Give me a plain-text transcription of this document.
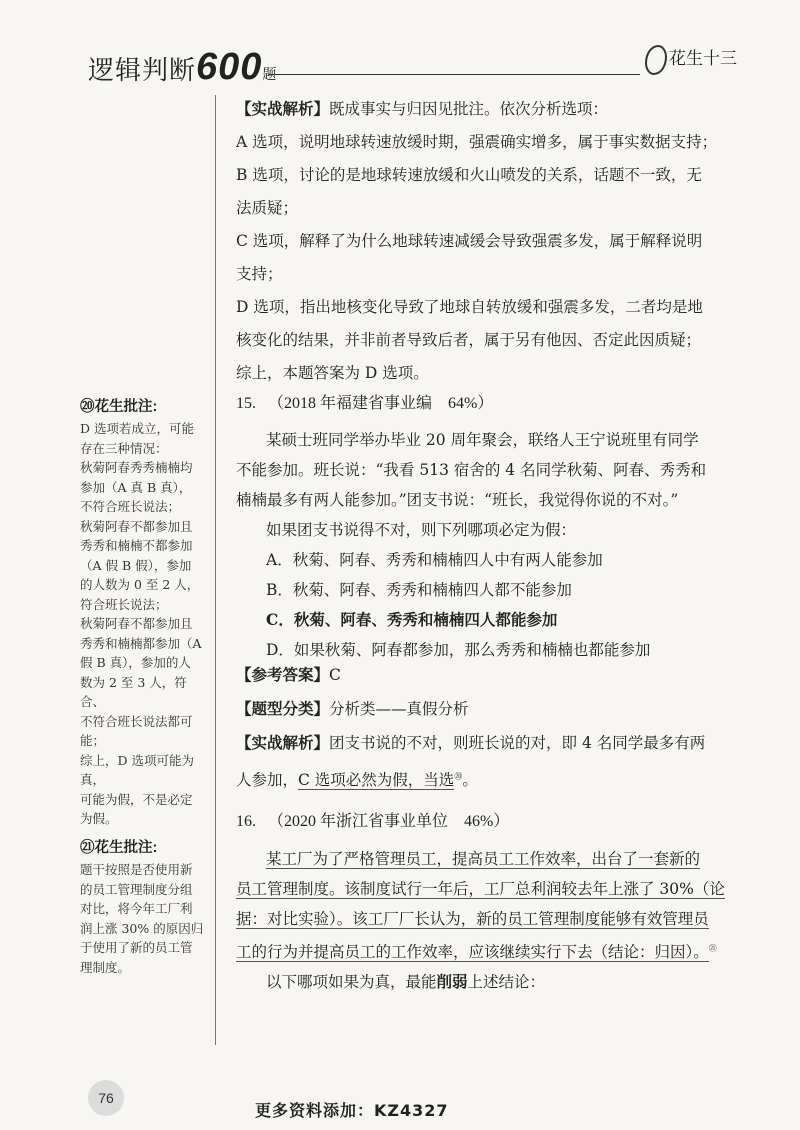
逻辑判断600题
花生十三
【实战解析】既成事实与归因见批注。依次分析选项：
A 选项，说明地球转速放缓时期，强震确实增多，属于事实数据支持；
B 选项，讨论的是地球转速放缓和火山喷发的关系，话题不一致，无
法质疑；
C 选项，解释了为什么地球转速减缓会导致强震多发，属于解释说明
支持；
D 选项，指出地核变化导致了地球自转放缓和强震多发，二者均是地
核变化的结果，并非前者导致后者，属于另有他因、否定此因质疑；
综上，本题答案为 D 选项。
⑳花生批注:
D 选项若成立，可能
存在三种情况：
秋菊阿春秀秀楠楠均
参加（A 真 B 真），
不符合班长说法；
秋菊阿春不都参加且
秀秀和楠楠不都参加
（A 假 B 假），参加
的人数为 0 至 2 人，
符合班长说法；
秋菊阿春不都参加且
秀秀和楠楠都参加（A
假 B 真），参加的人
数为 2 至 3 人，符合、
不符合班长说法都可
能；
综上，D 选项可能为真，
可能为假，不是必定
为假。
15. （2018 年福建省事业编　64%）
某硕士班同学举办毕业 20 周年聚会，联络人王宁说班里有同学
不能参加。班长说：“我看 513 宿舍的 4 名同学秋菊、阿春、秀秀和
楠楠最多有两人能参加。”团支书说：“班长，我觉得你说的不对。”
如果团支书说得不对，则下列哪项必定为假：
A．秋菊、阿春、秀秀和楠楠四人中有两人能参加
B．秋菊、阿春、秀秀和楠楠四人都不能参加
C．秋菊、阿春、秀秀和楠楠四人都能参加
D．如果秋菊、阿春都参加，那么秀秀和楠楠也都能参加
【参考答案】C
【题型分类】分析类——真假分析
【实战解析】团支书说的不对，则班长说的对，即 4 名同学最多有两
人参加，C 选项必然为假，当选⑳。
㉑花生批注:
题干按照是否使用新
的员工管理制度分组
对比，将今年工厂利
润上涨 30% 的原因归
于使用了新的员工管
理制度。
16. （2020 年浙江省事业单位　46%）
某工厂为了严格管理员工，提高员工工作效率，出台了一套新的
员工管理制度。该制度试行一年后，工厂总利润较去年上涨了 30%（论
据：对比实验）。该工厂厂长认为，新的员工管理制度能够有效管理员
工的行为并提高员工的工作效率，应该继续实行下去（结论：归因）。$^㉑$
以下哪项如果为真，最能削弱上述结论：
76
更多资料添加：KZ4327
